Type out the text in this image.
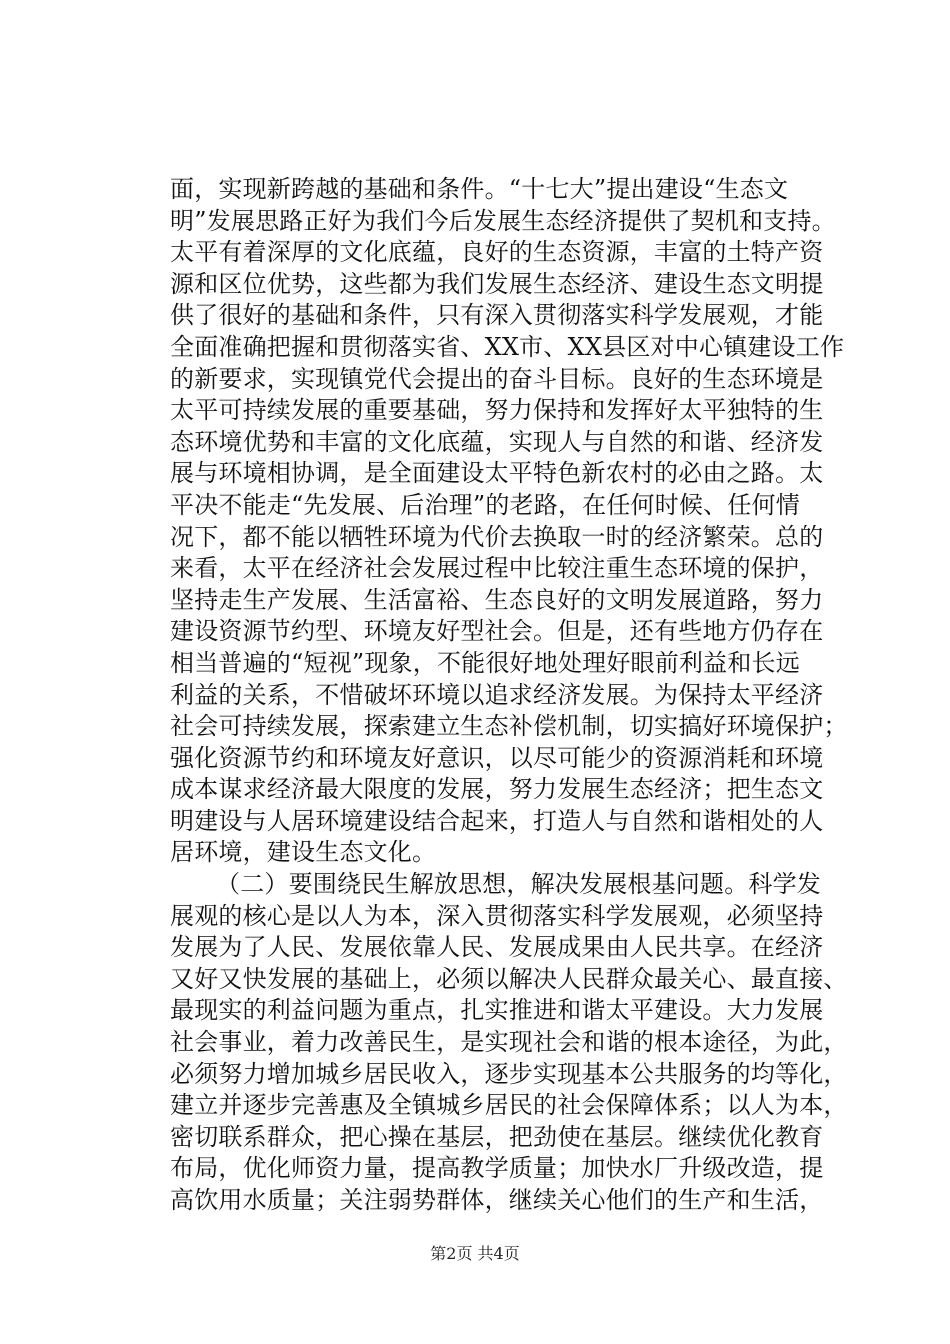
面，实现新跨越的基础和条件。“十七大”提出建设“生态文
明”发展思路正好为我们今后发展生态经济提供了契机和支持。
太平有着深厚的文化底蕴，良好的生态资源，丰富的土特产资
源和区位优势，这些都为我们发展生态经济、建设生态文明提
供了很好的基础和条件，只有深入贯彻落实科学发展观，才能
全面准确把握和贯彻落实省、XX市、XX县区对中心镇建设工作
的新要求，实现镇党代会提出的奋斗目标。良好的生态环境是
太平可持续发展的重要基础，努力保持和发挥好太平独特的生
态环境优势和丰富的文化底蕴，实现人与自然的和谐、经济发
展与环境相协调，是全面建设太平特色新农村的必由之路。太
平决不能走“先发展、后治理”的老路，在任何时候、任何情
况下，都不能以牺牲环境为代价去换取一时的经济繁荣。总的
来看，太平在经济社会发展过程中比较注重生态环境的保护，
坚持走生产发展、生活富裕、生态良好的文明发展道路，努力
建设资源节约型、环境友好型社会。但是，还有些地方仍存在
相当普遍的“短视”现象，不能很好地处理好眼前利益和长远
利益的关系，不惜破坏环境以追求经济发展。为保持太平经济
社会可持续发展，探索建立生态补偿机制，切实搞好环境保护；
强化资源节约和环境友好意识，以尽可能少的资源消耗和环境
成本谋求经济最大限度的发展，努力发展生态经济；把生态文
明建设与人居环境建设结合起来，打造人与自然和谐相处的人
居环境，建设生态文化。
（二）要围绕民生解放思想，解决发展根基问题。科学发
展观的核心是以人为本，深入贯彻落实科学发展观，必须坚持
发展为了人民、发展依靠人民、发展成果由人民共享。在经济
又好又快发展的基础上，必须以解决人民群众最关心、最直接、
最现实的利益问题为重点，扎实推进和谐太平建设。大力发展
社会事业，着力改善民生，是实现社会和谐的根本途径，为此，
必须努力增加城乡居民收入，逐步实现基本公共服务的均等化，
建立并逐步完善惠及全镇城乡居民的社会保障体系；以人为本，
密切联系群众，把心操在基层，把劲使在基层。继续优化教育
布局，优化师资力量，提高教学质量；加快水厂升级改造，提
高饮用水质量；关注弱势群体，继续关心他们的生产和生活，
第2页 共4页
